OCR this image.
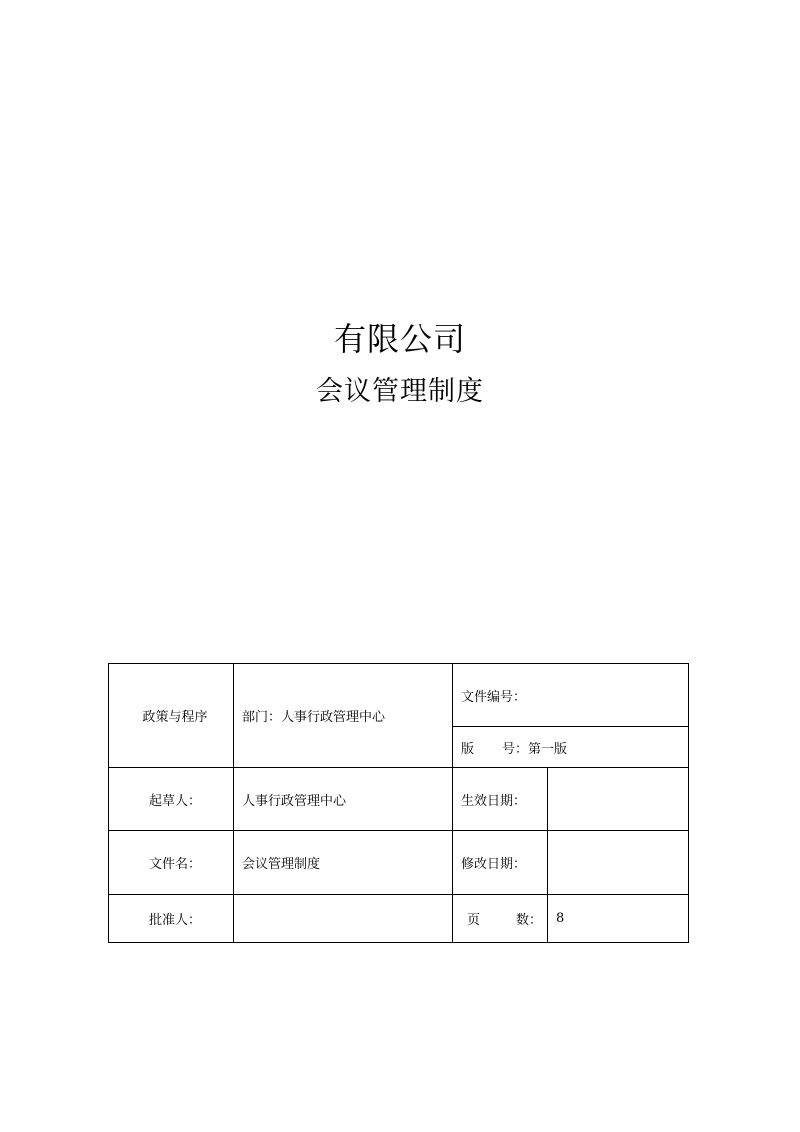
有限公司
会议管理制度
政策与程序	部门：人事行政管理中心	文件编号：	
		版 号：第一版	
起草人：	人事行政管理中心	生效日期：	
文件名：	会议管理制度	修改日期：	
批准人：		页 数：	8
